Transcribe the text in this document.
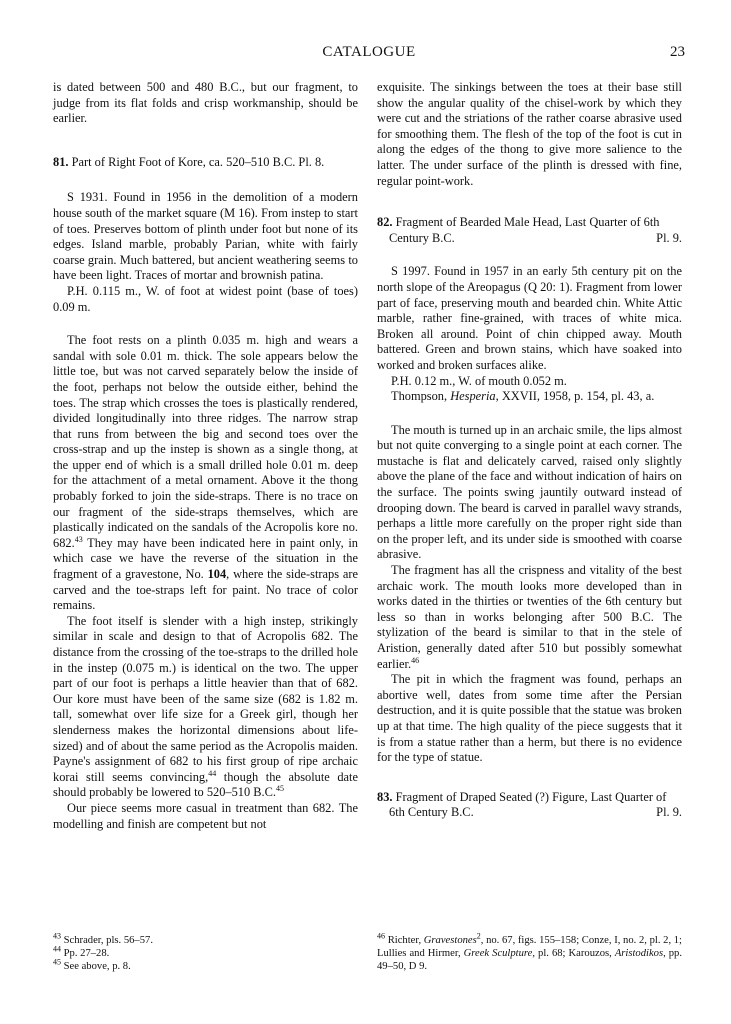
CATALOGUE	23

is dated between 500 and 480 B.C., but our fragment, to judge from its flat folds and crisp workmanship, should be earlier.

81. Part of Right Foot of Kore, ca. 520–510 B.C. Pl. 8.

S 1931. Found in 1956 in the demolition of a modern house south of the market square (M 16). From instep to start of toes. Preserves bottom of plinth under foot but none of its edges. Island marble, probably Parian, white with fairly coarse grain. Much battered, but ancient weathering seems to have been light. Traces of mortar and brownish patina.

P.H. 0.115 m., W. of foot at widest point (base of toes) 0.09 m.

The foot rests on a plinth 0.035 m. high and wears a sandal with sole 0.01 m. thick. The sole appears below the little toe, but was not carved separately below the inside of the foot, perhaps not below the outside either, behind the toes. The strap which crosses the toes is plastically rendered, divided longitudinally into three ridges. The narrow strap that runs from between the big and second toes over the cross-strap and up the instep is shown as a single thong, at the upper end of which is a small drilled hole 0.01 m. deep for the attachment of a metal ornament. Above it the thong probably forked to join the side-straps. There is no trace on our fragment of the side-straps themselves, which are plastically indicated on the sandals of the Acropolis kore no. 682.43 They may have been indicated here in paint only, in which case we have the reverse of the situation in the fragment of a gravestone, No. 104, where the side-straps are carved and the toe-straps left for paint. No trace of color remains.

The foot itself is slender with a high instep, strikingly similar in scale and design to that of Acropolis 682. The distance from the crossing of the toe-straps to the drilled hole in the instep (0.075 m.) is identical on the two. The upper part of our foot is perhaps a little heavier than that of 682. Our kore must have been of the same size (682 is 1.82 m. tall, somewhat over life size for a Greek girl, though her slenderness makes the horizontal dimensions about life-sized) and of about the same period as the Acropolis maiden. Payne's assignment of 682 to his first group of ripe archaic korai still seems convincing,$^{44}$ though the absolute date should probably be lowered to 520–510 B.C.$^{45}$

Our piece seems more casual in treatment than 682. The modelling and finish are competent but not

exquisite. The sinkings between the toes at their base still show the angular quality of the chisel-work by which they were cut and the striations of the rather coarse abrasive used for smoothing them. The flesh of the top of the foot is cut in along the edges of the thong to give more salience to the latter. The under surface of the plinth is dressed with fine, regular point-work.

82. Fragment of Bearded Male Head, Last Quarter of 6th Century B.C.	Pl. 9.

S 1997. Found in 1957 in an early 5th century pit on the north slope of the Areopagus (Q 20: 1). Fragment from lower part of face, preserving mouth and bearded chin. White Attic marble, rather fine-grained, with traces of white mica. Broken all around. Point of chin chipped away. Mouth battered. Green and brown stains, which have soaked into worked and broken surfaces alike.

P.H. 0.12 m., W. of mouth 0.052 m.

Thompson, Hesperia, XXVII, 1958, p. 154, pl. 43, a.

The mouth is turned up in an archaic smile, the lips almost but not quite converging to a single point at each corner. The mustache is flat and delicately carved, raised only slightly above the plane of the face and without indication of hairs on the surface. The points swing jauntily outward instead of drooping down. The beard is carved in parallel wavy strands, perhaps a little more carefully on the proper right side than on the proper left, and its under side is smoothed with coarse abrasive.

The fragment has all the crispness and vitality of the best archaic work. The mouth looks more developed than in works dated in the thirties or twenties of the 6th century but less so than in works belonging after 500 B.C. The stylization of the beard is similar to that in the stele of Aristion, generally dated after 510 but possibly somewhat earlier.$^{46}$

The pit in which the fragment was found, perhaps an abortive well, dates from some time after the Persian destruction, and it is quite possible that the statue was broken up at that time. The high quality of the piece suggests that it is from a statue rather than a herm, but there is no evidence for the type of statue.

83. Fragment of Draped Seated (?) Figure, Last Quarter of 6th Century B.C.	Pl. 9.

$^{43}$ Schrader, pls. 56–57.
$^{44}$ Pp. 27–28.
$^{45}$ See above, p. 8.
$^{46}$ Richter, Gravestones$^2$, no. 67, figs. 155–158; Conze, I, no. 2, pl. 2, 1; Lullies and Hirmer, Greek Sculpture, pl. 68; Karouzos, Aristodikos, pp. 49–50, D 9.
